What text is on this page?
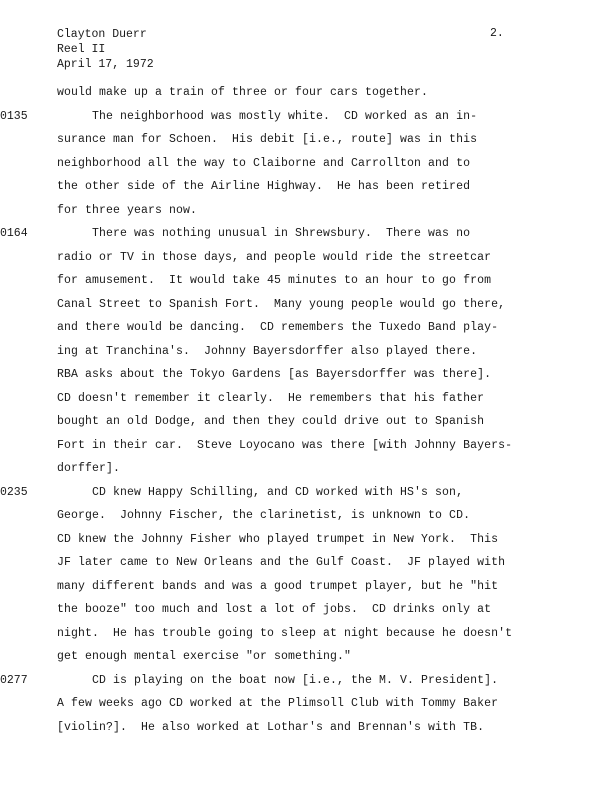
Clayton Duerr
Reel II
April 17, 1972
2.
would make up a train of three or four cars together.
0135	The neighborhood was mostly white.  CD worked as an in-
surance man for Schoen.  His debit [i.e., route] was in this
neighborhood all the way to Claiborne and Carrollton and to
the other side of the Airline Highway.  He has been retired
for three years now.
0164	There was nothing unusual in Shrewsbury.  There was no
radio or TV in those days, and people would ride the streetcar
for amusement.  It would take 45 minutes to an hour to go from
Canal Street to Spanish Fort.  Many young people would go there,
and there would be dancing.  CD remembers the Tuxedo Band play-
ing at Tranchina's.  Johnny Bayersdorffer also played there.
RBA asks about the Tokyo Gardens [as Bayersdorffer was there].
CD doesn't remember it clearly.  He remembers that his father
bought an old Dodge, and then they could drive out to Spanish
Fort in their car.  Steve Loyocano was there [with Johnny Bayers-
dorffer].
0235	CD knew Happy Schilling, and CD worked with HS's son,
George.  Johnny Fischer, the clarinetist, is unknown to CD.
CD knew the Johnny Fisher who played trumpet in New York.  This
JF later came to New Orleans and the Gulf Coast.  JF played with
many different bands and was a good trumpet player, but he "hit
the booze" too much and lost a lot of jobs.  CD drinks only at
night.  He has trouble going to sleep at night because he doesn't
get enough mental exercise "or something."
0277	CD is playing on the boat now [i.e., the M. V. President].
A few weeks ago CD worked at the Plimsoll Club with Tommy Baker
[violin?].  He also worked at Lothar's and Brennan's with TB.
